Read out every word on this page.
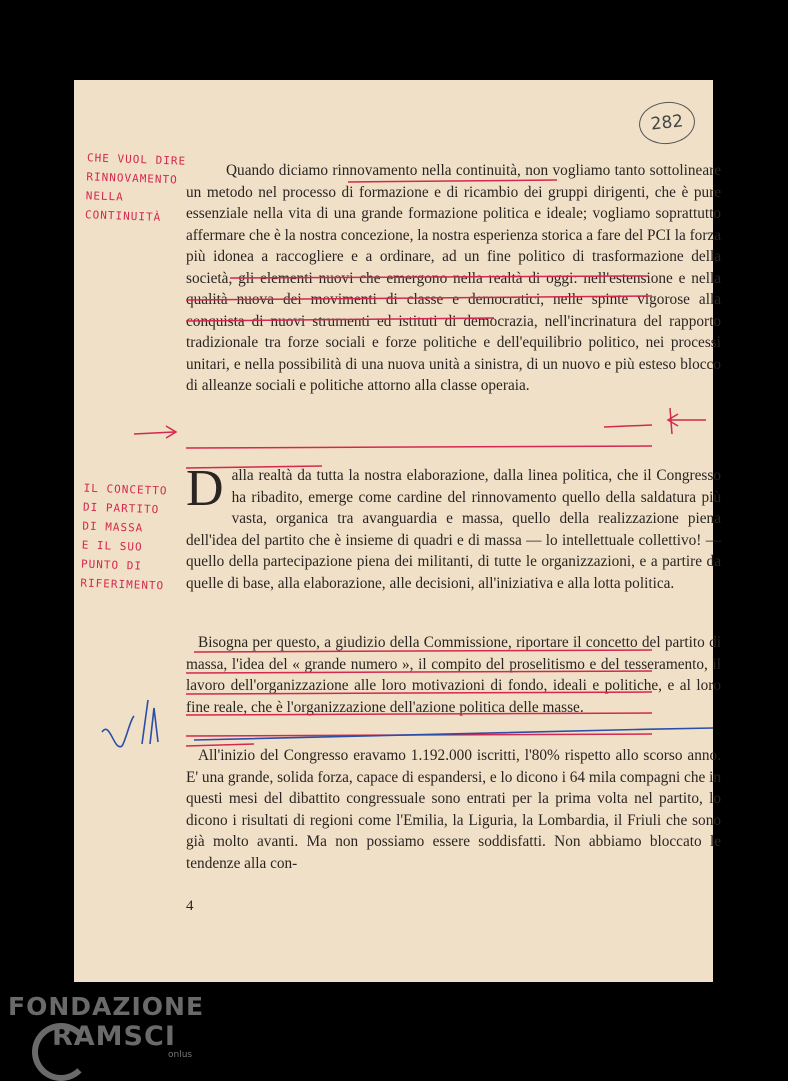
282
CHE VUOL DIRE
RINNOVAMENTO
NELLA
CONTINUITÀ
IL CONCETTO
DI PARTITO
DI MASSA
E IL SUO
PUNTO DI
RIFERIMENTO
Quando diciamo rinnovamento nella continuità, non vogliamo tanto sottolineare un metodo nel processo di formazione e di ricambio dei gruppi dirigenti, che è pure essenziale nella vita di una grande formazione politica e ideale; vogliamo soprattutto affermare che è la nostra concezione, la nostra esperienza storica a fare del PCI la forza più idonea a raccogliere e a ordinare, ad un fine politico di trasformazione della società, gli elementi nuovi che emergono nella realtà di oggi: nell'estensione e nella qualità nuova dei movimenti di classe e democratici, nelle spinte vigorose alla conquista di nuovi strumenti ed istituti di democrazia, nell'incrinatura del rapporto tradizionale tra forze sociali e forze politiche e dell'equilibrio politico, nei processi unitari, e nella possibilità di una nuova unità a sinistra, di un nuovo e più esteso blocco di alleanze sociali e politiche attorno alla classe operaia.
D alla realtà da tutta la nostra elaborazione, dalla linea politica, che il Congresso ha ribadito, emerge come cardine del rinnovamento quello della saldatura più vasta, organica tra avanguardia e massa, quello della realizzazione piena dell'idea del partito che è insieme di quadri e di massa — lo intellettuale collettivo! — quello della partecipazione piena dei militanti, di tutte le organizzazioni, e a partire da quelle di base, alla elaborazione, alle decisioni, all'iniziativa e alla lotta politica.
Bisogna per questo, a giudizio della Commissione, riportare il concetto del partito di massa, l'idea del « grande numero », il compito del proselitismo e del tesseramento, il lavoro dell'organizzazione alle loro motivazioni di fondo, ideali e politiche, e al loro fine reale, che è l'organizzazione dell'azione politica delle masse.
All'inizio del Congresso eravamo 1.192.000 iscritti, l'80% rispetto allo scorso anno. E' una grande, solida forza, capace di espandersi, e lo dicono i 64 mila compagni che in questi mesi del dibattito congressuale sono entrati per la prima volta nel partito, lo dicono i risultati di regioni come l'Emilia, la Liguria, la Lombardia, il Friuli che sono già molto avanti. Ma non possiamo essere soddisfatti. Non abbiamo bloccato le tendenze alla con-
4
FONDAZIONE
RAMSCI
onlus
